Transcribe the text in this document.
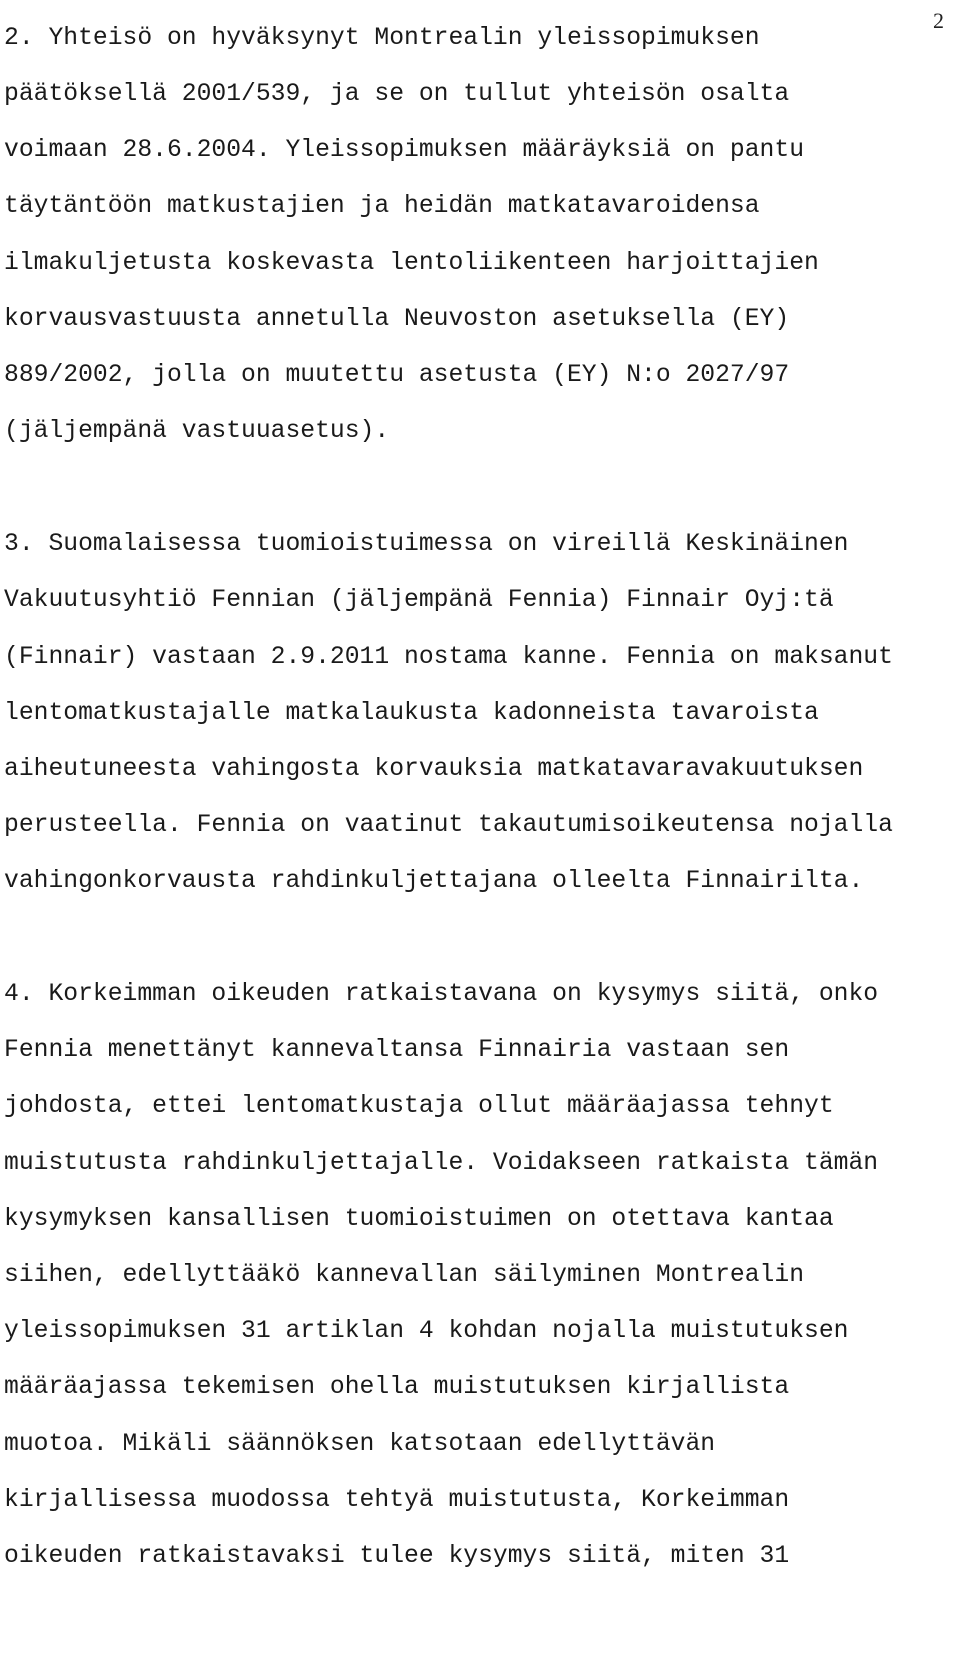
2
2. Yhteisö on hyväksynyt Montrealin yleissopimuksen
päätöksellä 2001/539, ja se on tullut yhteisön osalta
voimaan 28.6.2004. Yleissopimuksen määräyksiä on pantu
täytäntöön matkustajien ja heidän matkatavaroidensa
ilmakuljetusta koskevasta lentoliikenteen harjoittajien
korvausvastuusta annetulla Neuvoston asetuksella (EY)
889/2002, jolla on muutettu asetusta (EY) N:o 2027/97
(jäljempänä vastuuasetus).
3. Suomalaisessa tuomioistuimessa on vireillä Keskinäinen
Vakuutusyhtiö Fennian (jäljempänä Fennia) Finnair Oyj:tä
(Finnair) vastaan 2.9.2011 nostama kanne. Fennia on maksanut
lentomatkustajalle matkalaukusta kadonneista tavaroista
aiheutuneesta vahingosta korvauksia matkatavaravakuutuksen
perusteella. Fennia on vaatinut takautumisoikeutensa nojalla
vahingonkorvausta rahdinkuljettajana olleelta Finnairilta.
4. Korkeimman oikeuden ratkaistavana on kysymys siitä, onko
Fennia menettänyt kannevaltansa Finnairia vastaan sen
johdosta, ettei lentomatkustaja ollut määräajassa tehnyt
muistutusta rahdinkuljettajalle. Voidakseen ratkaista tämän
kysymyksen kansallisen tuomioistuimen on otettava kantaa
siihen, edellyttääkö kannevallan säilyminen Montrealin
yleissopimuksen 31 artiklan 4 kohdan nojalla muistutuksen
määräajassa tekemisen ohella muistutuksen kirjallista
muotoa. Mikäli säännöksen katsotaan edellyttävän
kirjallisessa muodossa tehtyä muistutusta, Korkeimman
oikeuden ratkaistavaksi tulee kysymys siitä, miten 31
